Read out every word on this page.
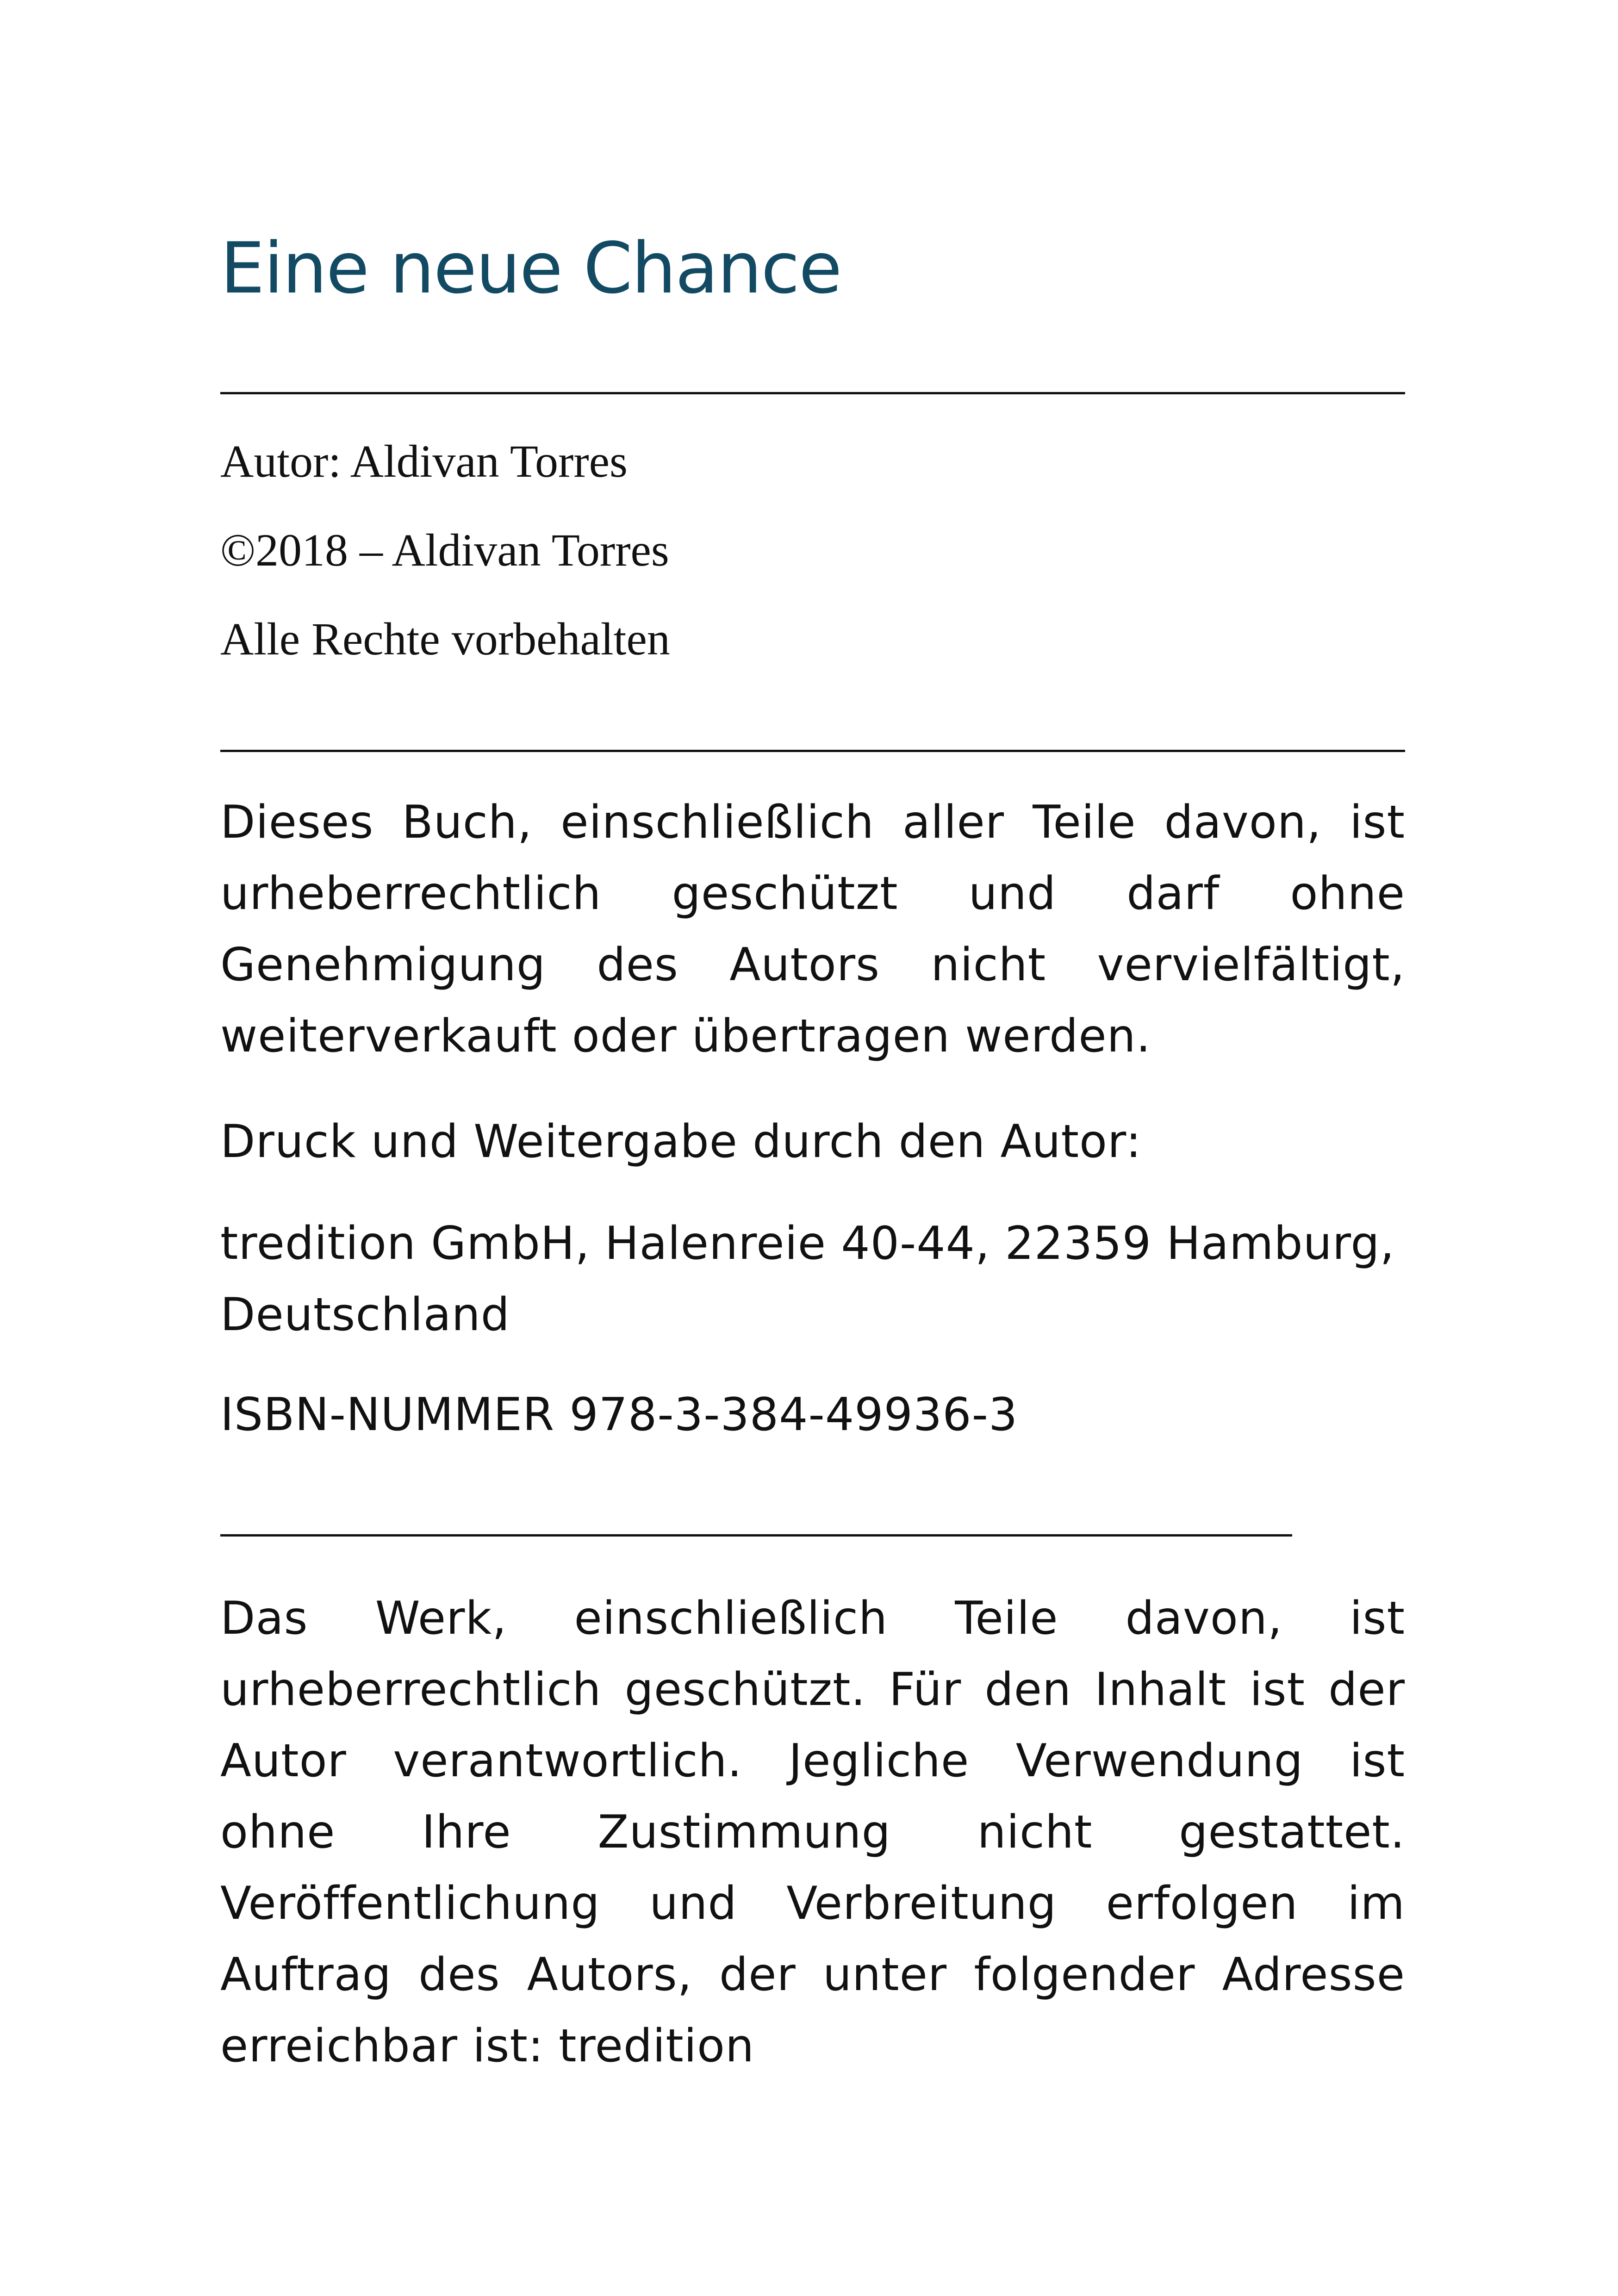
Eine neue Chance
Autor: Aldivan Torres
©2018 – Aldivan Torres
Alle Rechte vorbehalten

Dieses Buch, einschließlich aller Teile davon, ist urheberrechtlich geschützt und darf ohne Genehmigung des Autors nicht vervielfältigt, weiterverkauft oder übertragen werden.

Druck und Weitergabe durch den Autor:

tredition GmbH, Halenreie 40-44, 22359 Hamburg, Deutschland

ISBN-NUMMER 978-3-384-49936-3

Das Werk, einschließlich Teile davon, ist urheberrechtlich geschützt. Für den Inhalt ist der Autor verantwortlich. Jegliche Verwendung ist ohne Ihre Zustimmung nicht gestattet. Veröffentlichung und Verbreitung erfolgen im Auftrag des Autors, der unter folgender Adresse erreichbar ist: tredition
